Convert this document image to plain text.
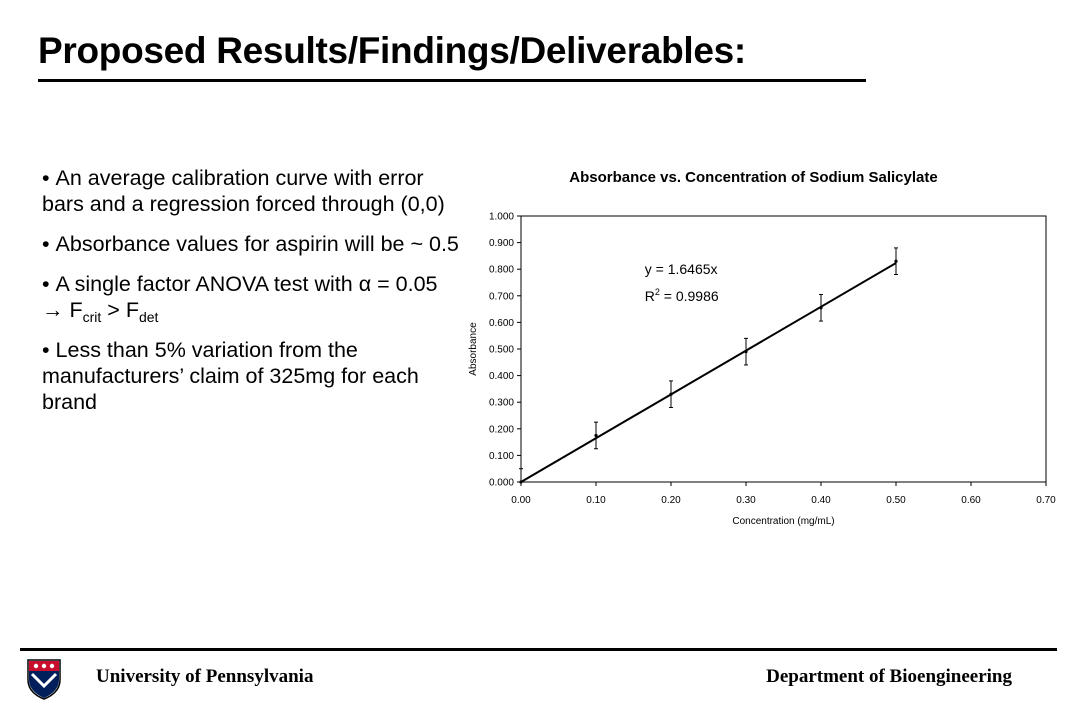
Proposed Results/Findings/Deliverables:
• An average calibration curve with error bars and a regression forced through (0,0)
• Absorbance values for aspirin will be ~ 0.5
• A single factor ANOVA test with $\alpha = 0.05 \to F_{crit} > F_{det}$
• Less than 5% variation from the manufacturers’ claim of 325mg for each brand
Absorbance vs. Concentration of Sodium Salicylate
0.000
0.100
0.200
0.300
0.400
0.500
0.600
0.700
0.800
0.900
1.000
0.00	0.10	0.20	0.30	0.40	0.50	0.60	0.70
Concentration (mg/mL)
Absorbance
y = 1.6465x
$R^2 = 0.9986$
University of Pennsylvania	Department of Bioengineering
